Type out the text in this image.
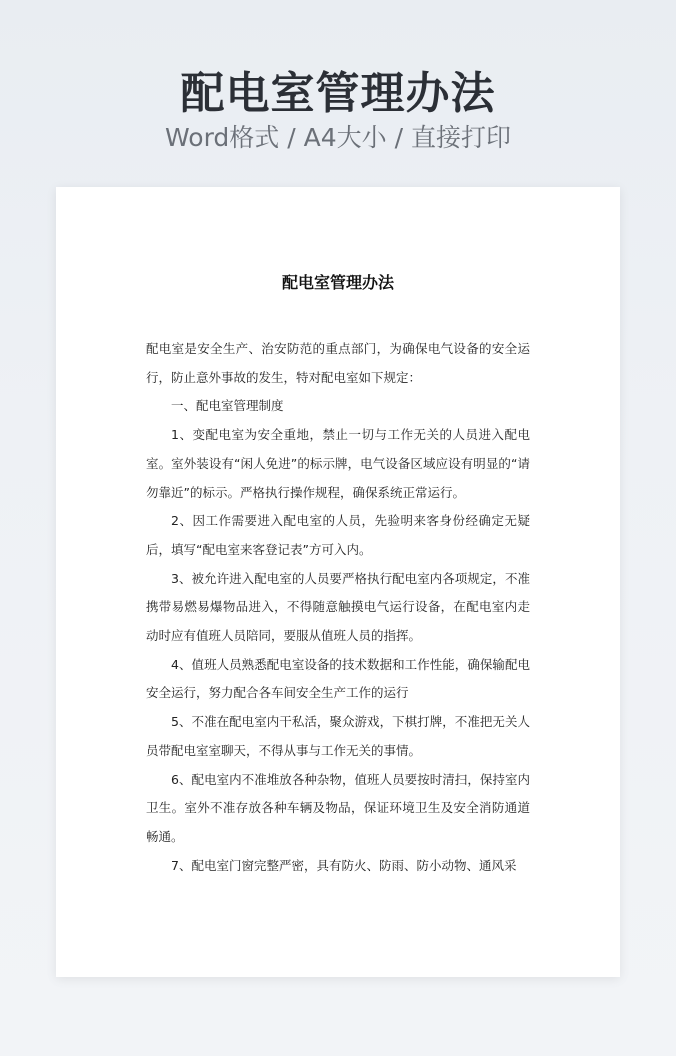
配电室管理办法
Word格式 / A4大小 / 直接打印
配电室管理办法

配电室是安全生产、治安防范的重点部门，为确保电气设备的安全运行，防止意外事故的发生，特对配电室如下规定：

一、配电室管理制度

1、变配电室为安全重地，禁止一切与工作无关的人员进入配电室。室外装设有“闲人免进”的标示牌，电气设备区域应设有明显的“请勿靠近”的标示。严格执行操作规程，确保系统正常运行。

2、因工作需要进入配电室的人员，先验明来客身份经确定无疑后，填写“配电室来客登记表”方可入内。

3、被允许进入配电室的人员要严格执行配电室内各项规定，不准携带易燃易爆物品进入，不得随意触摸电气运行设备，在配电室内走动时应有值班人员陪同，要服从值班人员的指挥。

4、值班人员熟悉配电室设备的技术数据和工作性能，确保输配电安全运行，努力配合各车间安全生产工作的运行

5、不准在配电室内干私活，聚众游戏，下棋打牌，不准把无关人员带配电室室聊天，不得从事与工作无关的事情。

6、配电室内不准堆放各种杂物，值班人员要按时清扫，保持室内卫生。室外不准存放各种车辆及物品，保证环境卫生及安全消防通道畅通。

7、配电室门窗完整严密，具有防火、防雨、防小动物、通风采
